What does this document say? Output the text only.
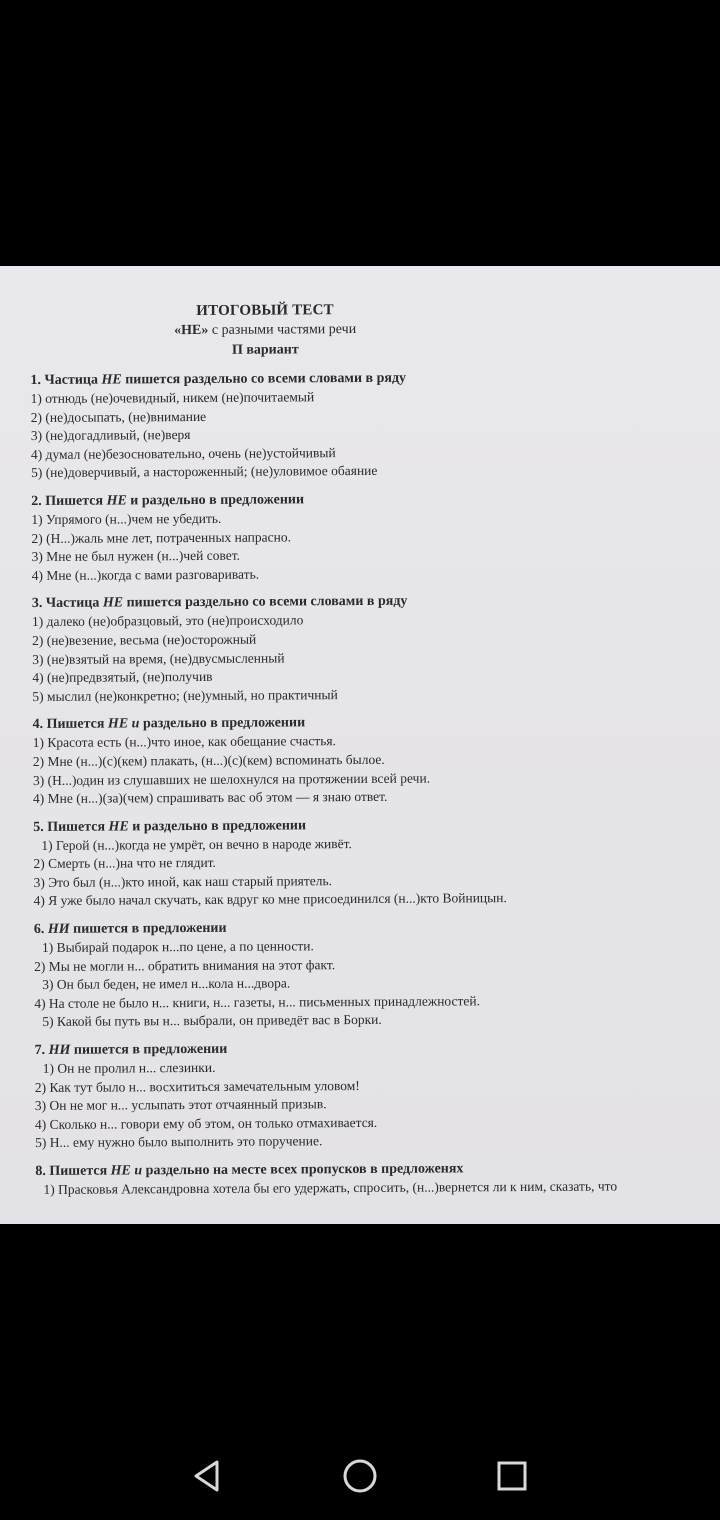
ИТОГОВЫЙ ТЕСТ
«НЕ» с разными частями речи
П вариант
1. Частица НЕ пишется раздельно со всеми словами в ряду
1) отнюдь (не)очевидный, никем (не)почитаемый
2) (не)досыпать, (не)внимание
3) (не)догадливый, (не)веря
4) думал (не)безосновательно, очень (не)устойчивый
5) (не)доверчивый, а настороженный; (не)уловимое обаяние
2. Пишется НЕ и раздельно в предложении
1) Упрямого (н...)чем не убедить.
2) (Н...)жаль мне лет, потраченных напрасно.
3) Мне не был нужен (н...)чей совет.
4) Мне (н...)когда с вами разговаривать.
3. Частица НЕ пишется раздельно со всеми словами в ряду
1) далеко (не)образцовый, это (не)происходило
2) (не)везение, весьма (не)осторожный
3) (не)взятый на время, (не)двусмысленный
4) (не)предвзятый, (не)получив
5) мыслил (не)конкретно; (не)умный, но практичный
4. Пишется НЕ и раздельно в предложении
1) Красота есть (н...)что иное, как обещание счастья.
2) Мне (н...)(с)(кем) плакать, (н...)(с)(кем) вспоминать былое.
3) (Н...)один из слушавших не шелохнулся на протяжении всей речи.
4) Мне (н...)(за)(чем) спрашивать вас об этом — я знаю ответ.
5. Пишется НЕ и раздельно в предложении
1) Герой (н...)когда не умрёт, он вечно в народе живёт.
2) Смерть (н...)на что не глядит.
3) Это был (н...)кто иной, как наш старый приятель.
4) Я уже было начал скучать, как вдруг ко мне присоединился (н...)кто Войницын.
6. НИ пишется в предложении
1) Выбирай подарок н...по цене, а по ценности.
2) Мы не могли н... обратить внимания на этот факт.
3) Он был беден, не имел н...кола н...двора.
4) На столе не было н... книги, н... газеты, н... письменных принадлежностей.
5) Какой бы путь вы н... выбрали, он приведёт вас в Борки.
7. НИ пишется в предложении
1) Он не пролил н... слезинки.
2) Как тут было н... восхититься замечательным уловом!
3) Он не мог н... услыпать этот отчаянный призыв.
4) Сколько н... говори ему об этом, он только отмахивается.
5) Н... ему нужно было выполнить это поручение.
8. Пишется НЕ и раздельно на месте всех пропусков в предложенях
1) Прасковья Александровна хотела бы его удержать, спросить, (н...)вернется ли к ним, сказать, что
